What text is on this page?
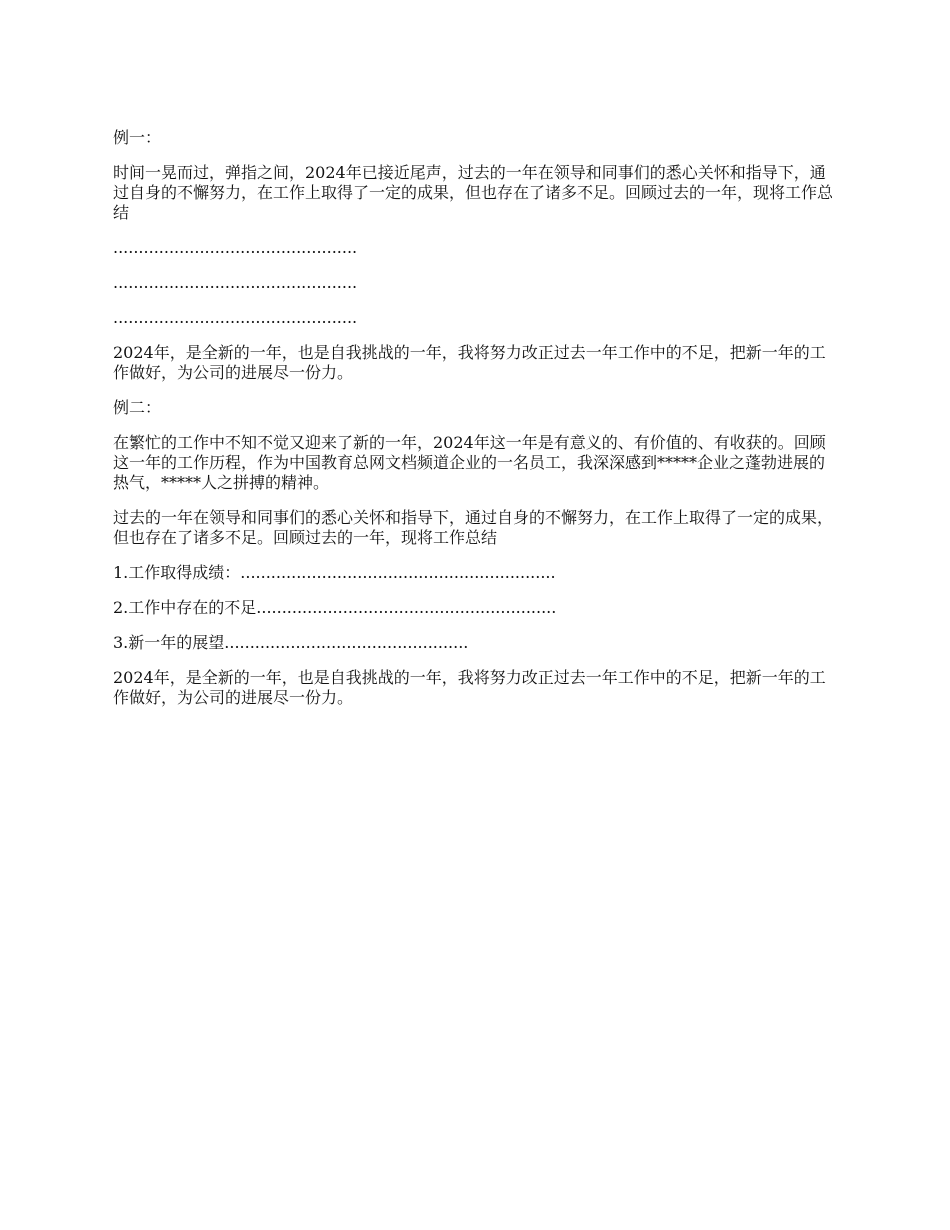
例一：

时间一晃而过，弹指之间，2024年已接近尾声，过去的一年在领导和同事们的悉心关怀和指导下，通过自身的不懈努力，在工作上取得了一定的成果，但也存在了诸多不足。回顾过去的一年，现将工作总结

................................................

................................................

................................................

2024年，是全新的一年，也是自我挑战的一年，我将努力改正过去一年工作中的不足，把新一年的工作做好，为公司的进展尽一份力。

例二：

在繁忙的工作中不知不觉又迎来了新的一年，2024年这一年是有意义的、有价值的、有收获的。回顾这一年的工作历程，作为中国教育总网文档频道企业的一名员工，我深深感到*****企业之蓬勃进展的热气，*****人之拼搏的精神。

过去的一年在领导和同事们的悉心关怀和指导下，通过自身的不懈努力，在工作上取得了一定的成果，但也存在了诸多不足。回顾过去的一年，现将工作总结

1.工作取得成绩：..............................................................

2.工作中存在的不足...........................................................

3.新一年的展望................................................

2024年，是全新的一年，也是自我挑战的一年，我将努力改正过去一年工作中的不足，把新一年的工作做好，为公司的进展尽一份力。
